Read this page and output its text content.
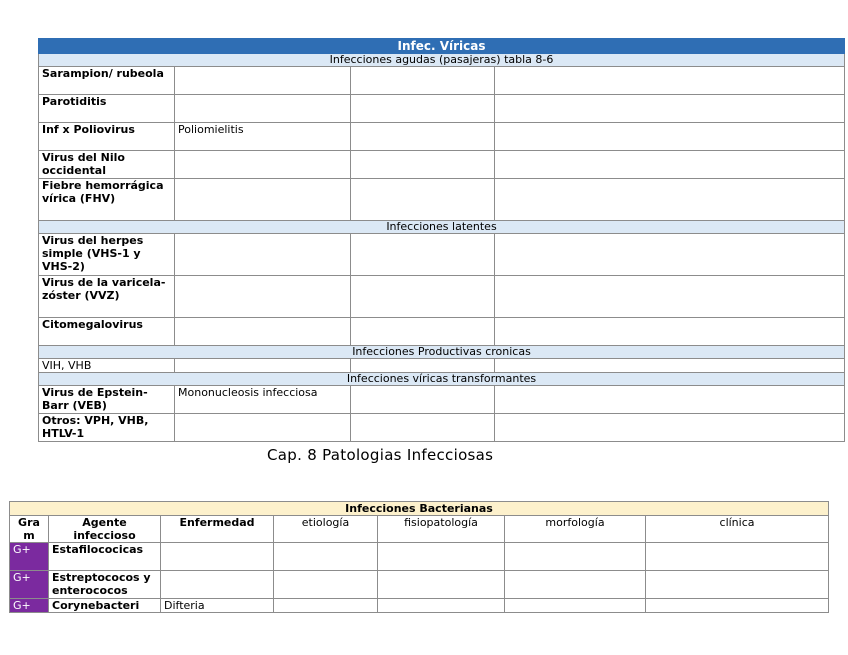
Infec. Víricas			
Infecciones agudas (pasajeras) tabla 8-6			
Sarampion/ rubeola			
Parotiditis			
Inf x Poliovirus	Poliomielitis		
Virus del Nilo occidental			
Fiebre hemorrágica vírica (FHV)			
Infecciones latentes			
Virus del herpes simple (VHS-1 y VHS-2)			
Virus de la varicela-zóster (VVZ)			
Citomegalovirus			
Infecciones Productivas cronicas			
VIH, VHB			
Infecciones víricas transformantes			
Virus de Epstein-Barr (VEB)	Mononucleosis infecciosa		
Otros: VPH, VHB, HTLV-1			
Cap. 8 Patologias Infecciosas
Infecciones Bacterianas						
Gra m	Agente infeccioso	Enfermedad	etiología	fisiopatología	morfología	clínica
G+	Estafilococicas					
G+	Estreptococos y enterococos					
G+	Corynebacteri	Difteria				
